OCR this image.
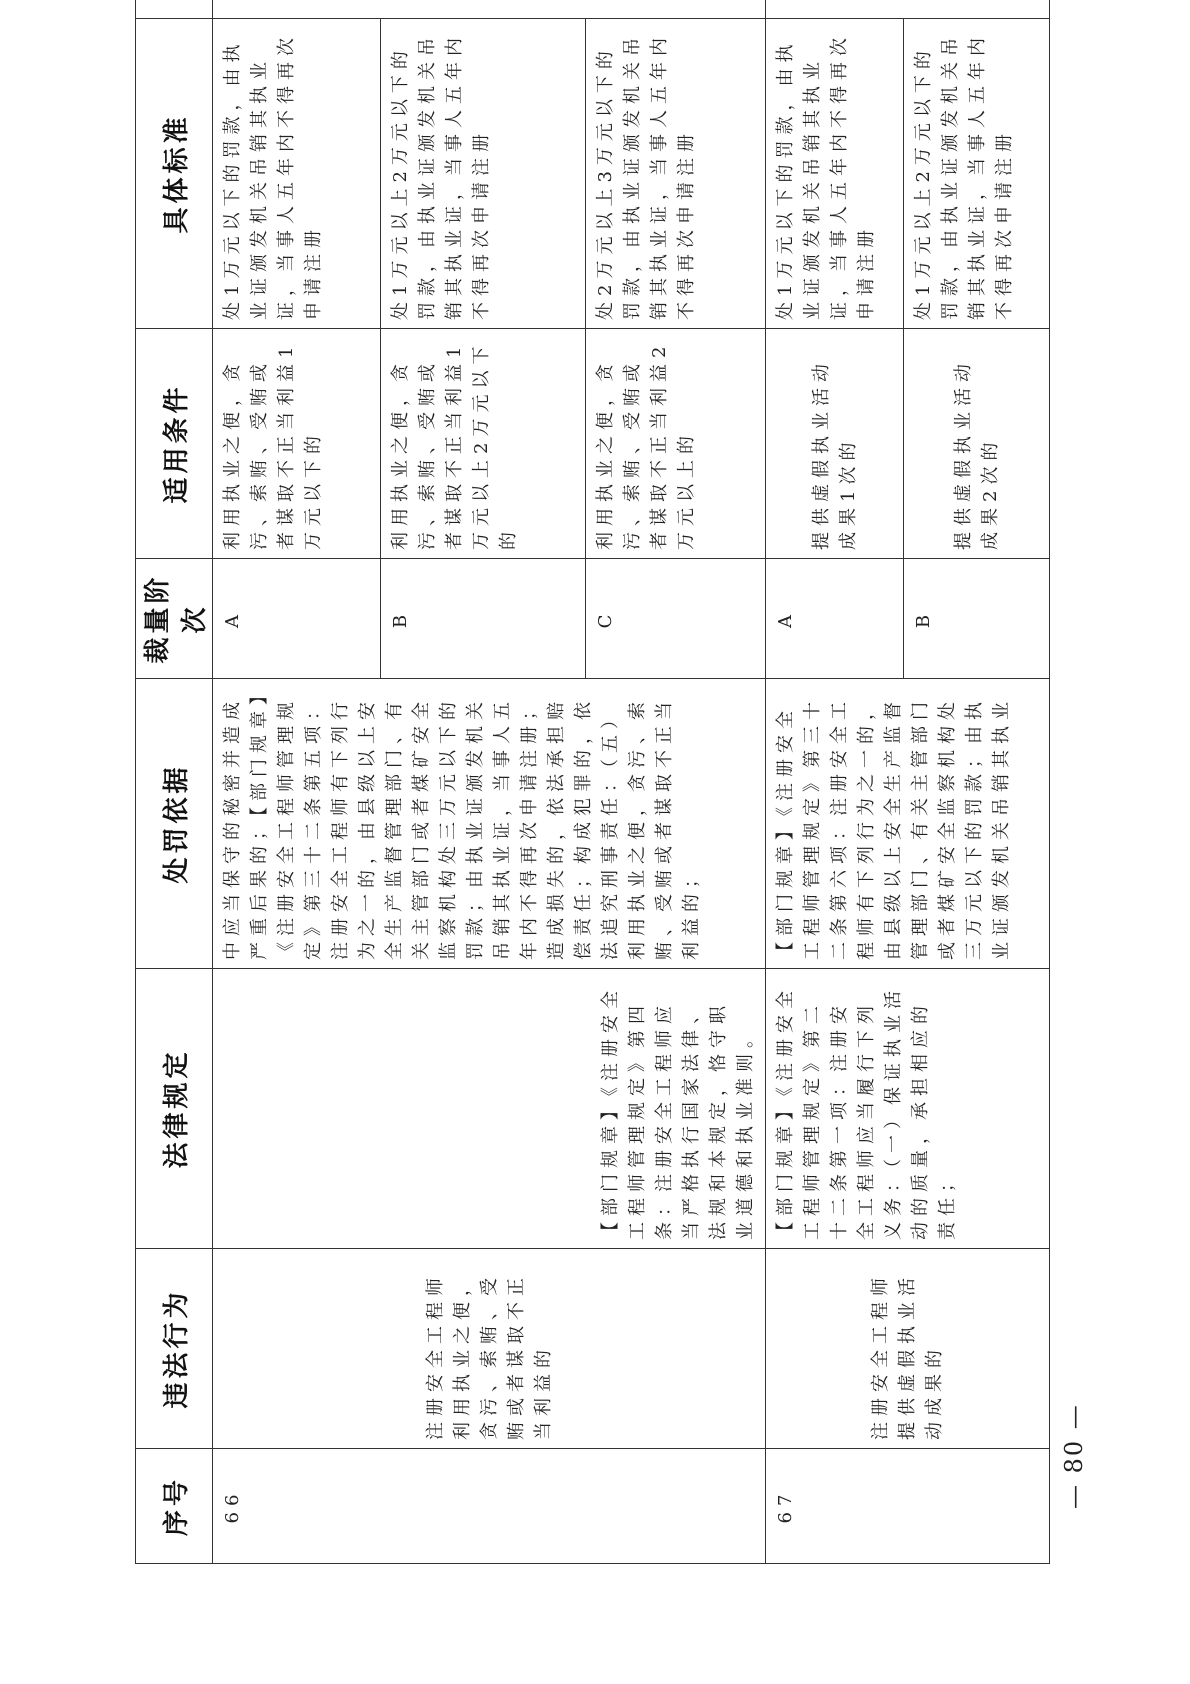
序号	违法行为	法律规定	处罚依据	裁量阶次	适用条件	具体标准	
66	注册安全工程师利用执业之便，贪污、索贿、受贿或者谋取不正当利益的	【部门规章】《注册安全工程师管理规定》第四条：注册安全工程师应当严格执行国家法律、法规和本规定，恪守职业道德和执业准则。	中应当保守的秘密并造成严重后果的；【部门规章】《注册安全工程师管理规定》第三十二条第五项：注册安全工程师有下列行为之一的，由县级以上安全生产监督管理部门、有关主管部门或者煤矿安全监察机构处三万元以下的罚款；由执业证颁发机关吊销其执业证，当事人五年内不得再次申请注册；造成损失的，依法承担赔偿责任；构成犯罪的，依法追究刑事责任：（五）利用执业之便，贪污、索贿、受贿或者谋取不正当利益的；	A	利用执业之便，贪污、索贿、受贿或者谋取不正当利益1万元以下的	处1万元以下的罚款，由执业证颁发机关吊销其执业证，当事人五年内不得再次申请注册	
				B	利用执业之便，贪污、索贿、受贿或者谋取不正当利益1万元以上2万元以下的	处1万元以上2万元以下的罚款，由执业证颁发机关吊销其执业证，当事人五年内不得再次申请注册	
				C	利用执业之便，贪污、索贿、受贿或者谋取不正当利益2万元以上的	处2万元以上3万元以下的罚款，由执业证颁发机关吊销其执业证，当事人五年内不得再次申请注册	
67	注册安全工程师提供虚假执业活动成果的	【部门规章】《注册安全工程师管理规定》第二十二条第一项：注册安全工程师应当履行下列义务：（一）保证执业活动的质量，承担相应的责任；	【部门规章】《注册安全工程师管理规定》第三十二条第六项：注册安全工程师有下列行为之一的，由县级以上安全生产监督管理部门、有关主管部门或者煤矿安全监察机构处三万元以下的罚款；由执业证颁发机关吊销其执业	A	提供虚假执业活动成果1次的	处1万元以下的罚款，由执业证颁发机关吊销其执业证，当事人五年内不得再次申请注册	
				B	提供虚假执业活动成果2次的	处1万元以上2万元以下的罚款，由执业证颁发机关吊销其执业证，当事人五年内不得再次申请注册	
— 80 —
